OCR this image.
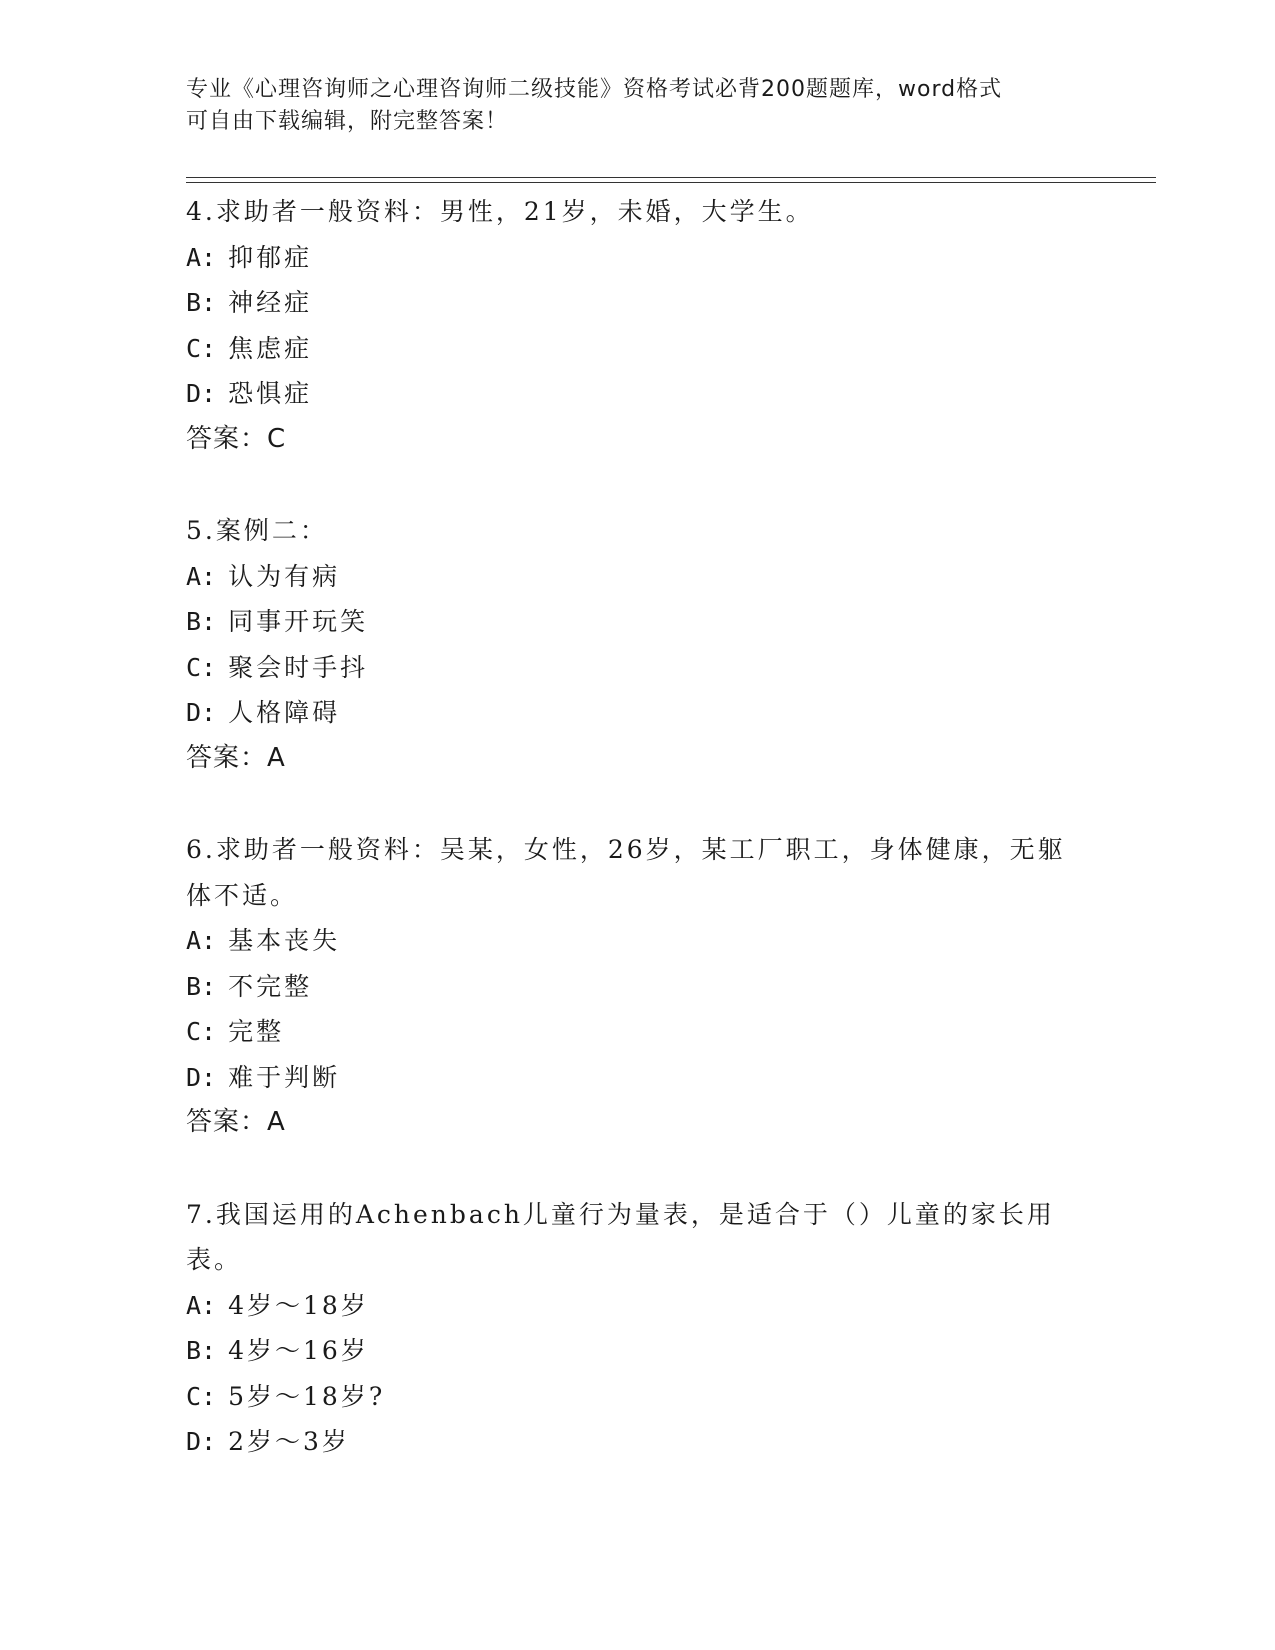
专业《心理咨询师之心理咨询师二级技能》资格考试必背200题题库，word格式
可自由下载编辑，附完整答案！
4.求助者一般资料：男性，21岁，未婚，大学生。
A: 抑郁症
B: 神经症
C: 焦虑症
D: 恐惧症
答案：C
5.案例二：
A: 认为有病
B: 同事开玩笑
C: 聚会时手抖
D: 人格障碍
答案：A
6.求助者一般资料：吴某，女性，26岁，某工厂职工，身体健康，无躯体不适。
A: 基本丧失
B: 不完整
C: 完整
D: 难于判断
答案：A
7.我国运用的Achenbach儿童行为量表，是适合于（）儿童的家长用表。
A: 4岁～18岁
B: 4岁～16岁
C: 5岁～18岁?
D: 2岁～3岁
